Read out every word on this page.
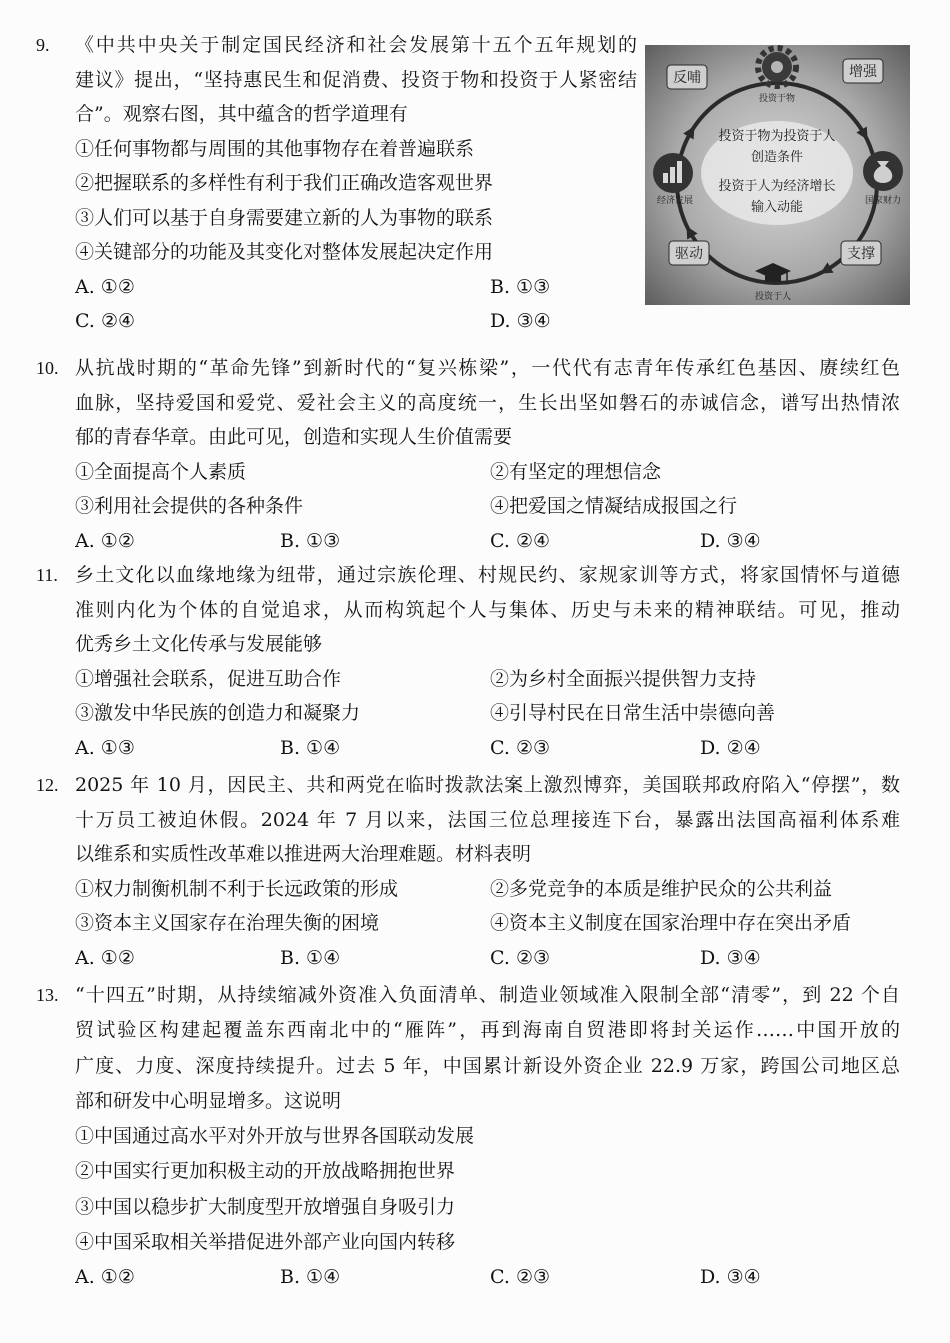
9.	《中共中央关于制定国民经济和社会发展第十五个五年规划的
建议》提出，“坚持惠民生和促消费、投资于物和投资于人紧密结
合”。观察右图，其中蕴含的哲学道理有
①任何事物都与周围的其他事物存在着普遍联系
②把握联系的多样性有利于我们正确改造客观世界
③人们可以基于自身需要建立新的人为事物的联系
④关键部分的功能及其变化对整体发展起决定作用
A. ①②	B. ①③
C. ②④	D. ③④
反哺	增强
驱动	支撑
投资于物
投资于人
经济发展	国家财力
投资于物为投资于人
创造条件
投资于人为经济增长
输入动能
10. 从抗战时期的“革命先锋”到新时代的“复兴栋梁”，一代代有志青年传承红色基因、赓续红色
血脉，坚持爱国和爱党、爱社会主义的高度统一，生长出坚如磐石的赤诚信念，谱写出热情浓
郁的青春华章。由此可见，创造和实现人生价值需要
①全面提高个人素质	②有坚定的理想信念
③利用社会提供的各种条件	④把爱国之情凝结成报国之行
A. ①②	B. ①③	C. ②④	D. ③④
11. 乡土文化以血缘地缘为纽带，通过宗族伦理、村规民约、家规家训等方式，将家国情怀与道德
准则内化为个体的自觉追求，从而构筑起个人与集体、历史与未来的精神联结。可见，推动
优秀乡土文化传承与发展能够
①增强社会联系，促进互助合作	②为乡村全面振兴提供智力支持
③激发中华民族的创造力和凝聚力	④引导村民在日常生活中崇德向善
A. ①③	B. ①④	C. ②③	D. ②④
12. 2025 年 10 月，因民主、共和两党在临时拨款法案上激烈博弈，美国联邦政府陷入“停摆”，数
十万员工被迫休假。2024 年 7 月以来，法国三位总理接连下台，暴露出法国高福利体系难
以维系和实质性改革难以推进两大治理难题。材料表明
①权力制衡机制不利于长远政策的形成	②多党竞争的本质是维护民众的公共利益
③资本主义国家存在治理失衡的困境	④资本主义制度在国家治理中存在突出矛盾
A. ①②	B. ①④	C. ②③	D. ③④
13. “十四五”时期，从持续缩减外资准入负面清单、制造业领域准入限制全部“清零”，到 22 个自
贸试验区构建起覆盖东西南北中的“雁阵”，再到海南自贸港即将封关运作……中国开放的
广度、力度、深度持续提升。过去 5 年，中国累计新设外资企业 22.9 万家，跨国公司地区总
部和研发中心明显增多。这说明
①中国通过高水平对外开放与世界各国联动发展
②中国实行更加积极主动的开放战略拥抱世界
③中国以稳步扩大制度型开放增强自身吸引力
④中国采取相关举措促进外部产业向国内转移
A. ①②	B. ①④	C. ②③	D. ③④
